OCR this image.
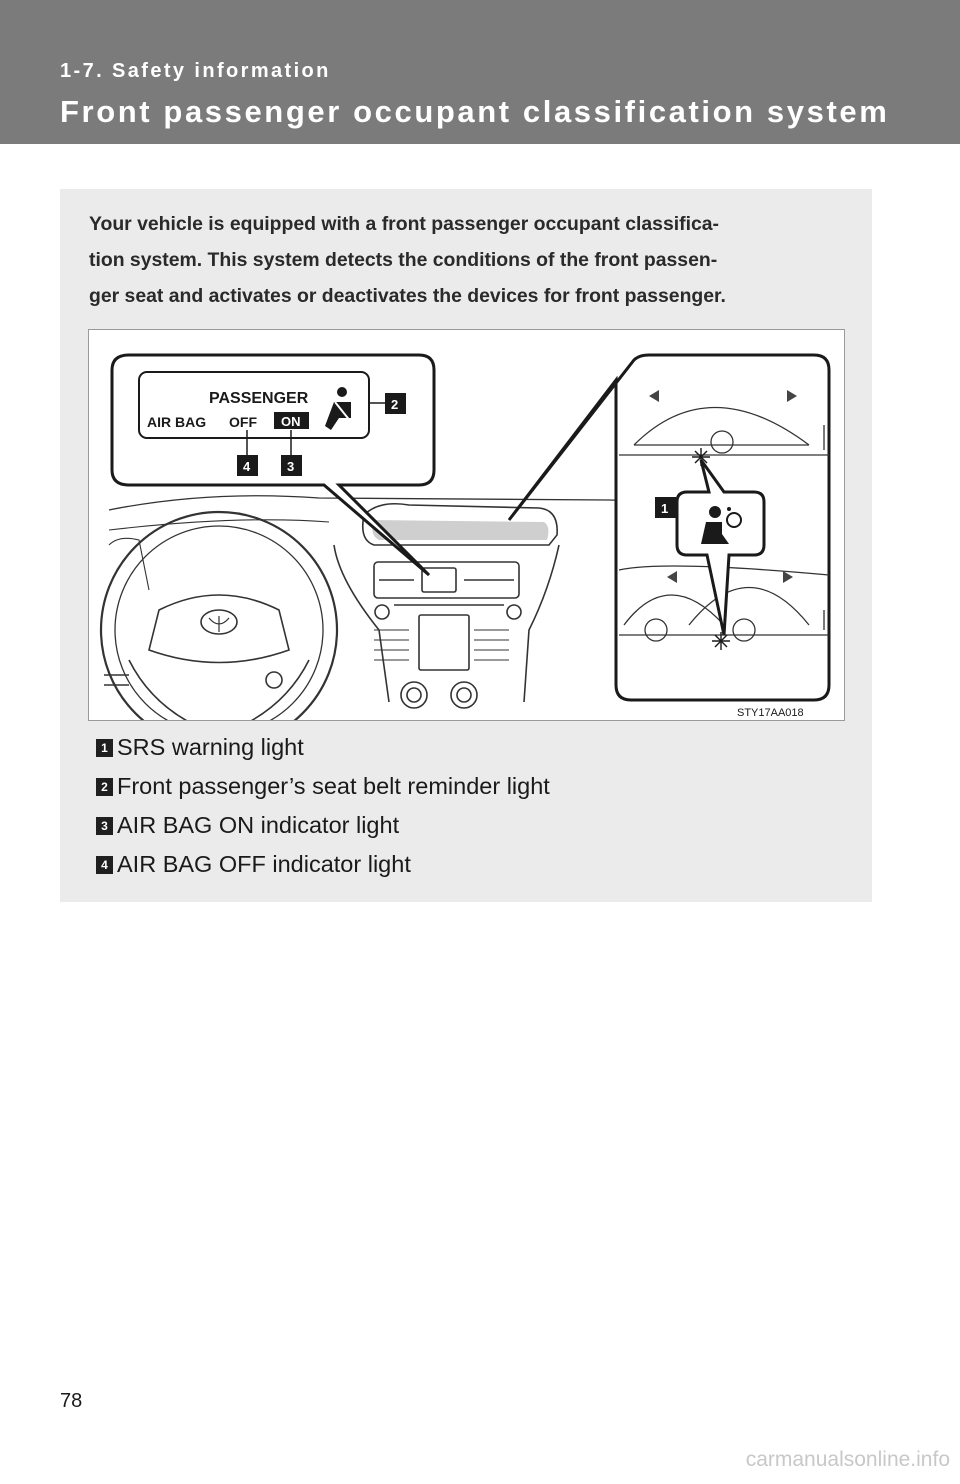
1-7. Safety information
Front passenger occupant classification system
Your vehicle is equipped with a front passenger occupant classifica-
tion system. This system detects the conditions of the front passen-
ger seat and activates or deactivates the devices for front passenger.
PASSENGER
AIR BAG OFF ON
2
4	3
1
STY17AA018
1 SRS warning light
2 Front passenger’s seat belt reminder light
3 AIR BAG ON indicator light
4 AIR BAG OFF indicator light
78
carmanualsonline.info
